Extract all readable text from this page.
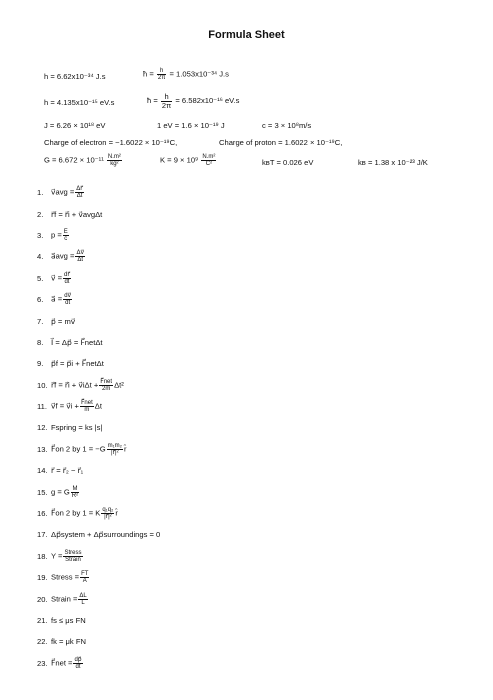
Formula Sheet
h = 6.62x10⁻³⁴ J.s	ħ = $\frac{h}{2\pi} = 1.053x10^{-34}$ J.s
h = 4.135x10⁻¹⁵ eV.s	ħ = $\frac{h}{2\pi} = 6.582x10^{-16}$ eV.s
J = 6.26 × 10¹⁸ eV	1 eV = 1.6 × 10⁻¹⁹ J	c = 3 × 10⁸m/s
Charge of electron = −1.6022 × 10⁻¹⁹C,	Charge of proton = 1.6022 × 10⁻¹⁹C,
$G = 6.672 \times 10^{-11} \frac{\text{N.m²}}{\text{kg²}}$	$K = 9 \times 10^9 \frac{\text{N.m²}}{\text{C²}}$	kʙT = 0.026 eV	kʙ = 1.38 x 10⁻²³ J/K
1.	v⃗avg = $\frac{\Delta r⃗}{\Delta t}$
2.	r⃗f = r⃗i + v⃗avgΔt
3.	$p = \frac{E}{c}$
4.	a⃗avg = $\frac{\Delta v⃗}{\Delta t}$
5.	v⃗ = $\frac{dr⃗}{dt}$
6.	a⃗ = $\frac{dv⃗}{dt}$
7.	p⃗ = mv⃗
8.	I⃗ = Δp⃗ = F⃗netΔt
9.	p⃗f = p⃗i + F⃗netΔt
10. r⃗f = r⃗i + v⃗iΔt + $\frac{\text{F⃗net}}{2m} \Delta t^2$
11. v⃗f = v⃗i + $\frac{\text{F⃗net}}{m}$ Δt
12. Fspring = ks |s|
13. F⃗on 2 by $1 = -G \frac{\text{m₁m₂}}{\text{|r⃗|²}}$ r̂
14. r⃗ = r⃗₂ − r⃗₁
15. g = G $\frac{M}{\text{R²}}$
16. F⃗on 2 by 1 = K $\frac{\text{q₁q₂}}{\text{|r⃗|²}}$ r̂
17. Δp⃗system + Δp⃗surroundings = 0
18. $Y = \frac{\text{Stress}}{\text{Strain}}$
19. Stress = $\frac{FT}{A}$
20. Strain = $\frac{\Delta L}{L}$
21. fs ≤ μs FN
22. fk = μk FN
23. F⃗net = $\frac{dp⃗}{dt}$
